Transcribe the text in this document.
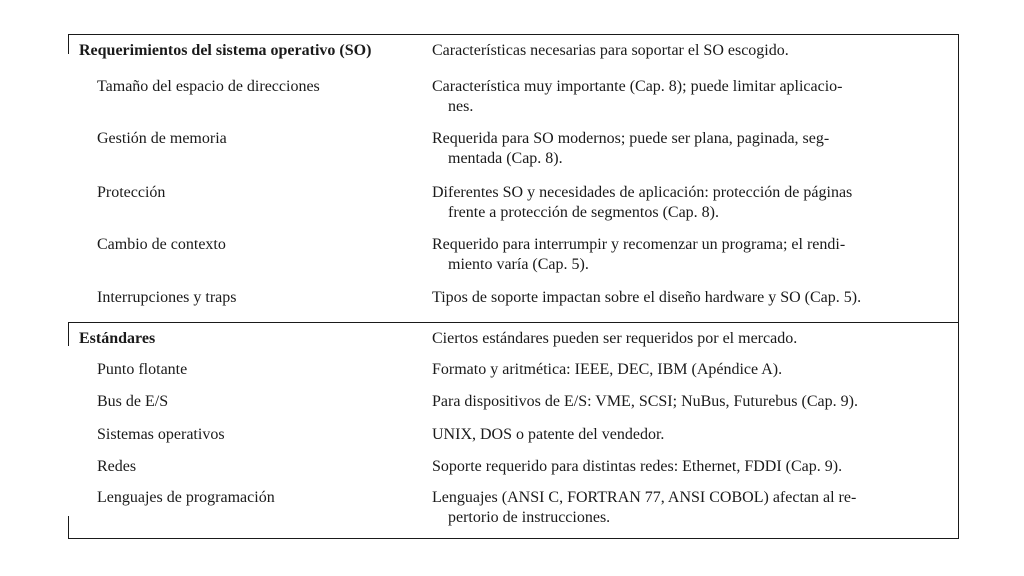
Requerimientos del sistema operativo (SO)	Características necesarias para soportar el SO escogido.
Tamaño del espacio de direcciones	Característica muy importante (Cap. 8); puede limitar aplicacio-
nes.
Gestión de memoria	Requerida para SO modernos; puede ser plana, paginada, seg-
mentada (Cap. 8).
Protección	Diferentes SO y necesidades de aplicación: protección de páginas
frente a protección de segmentos (Cap. 8).
Cambio de contexto	Requerido para interrumpir y recomenzar un programa; el rendi-
miento varía (Cap. 5).
Interrupciones y traps	Tipos de soporte impactan sobre el diseño hardware y SO (Cap. 5).
Estándares	Ciertos estándares pueden ser requeridos por el mercado.
Punto flotante	Formato y aritmética: IEEE, DEC, IBM (Apéndice A).
Bus de E/S	Para dispositivos de E/S: VME, SCSI; NuBus, Futurebus (Cap. 9).
Sistemas operativos	UNIX, DOS o patente del vendedor.
Redes	Soporte requerido para distintas redes: Ethernet, FDDI (Cap. 9).
Lenguajes de programación	Lenguajes (ANSI C, FORTRAN 77, ANSI COBOL) afectan al re-
pertorio de instrucciones.
